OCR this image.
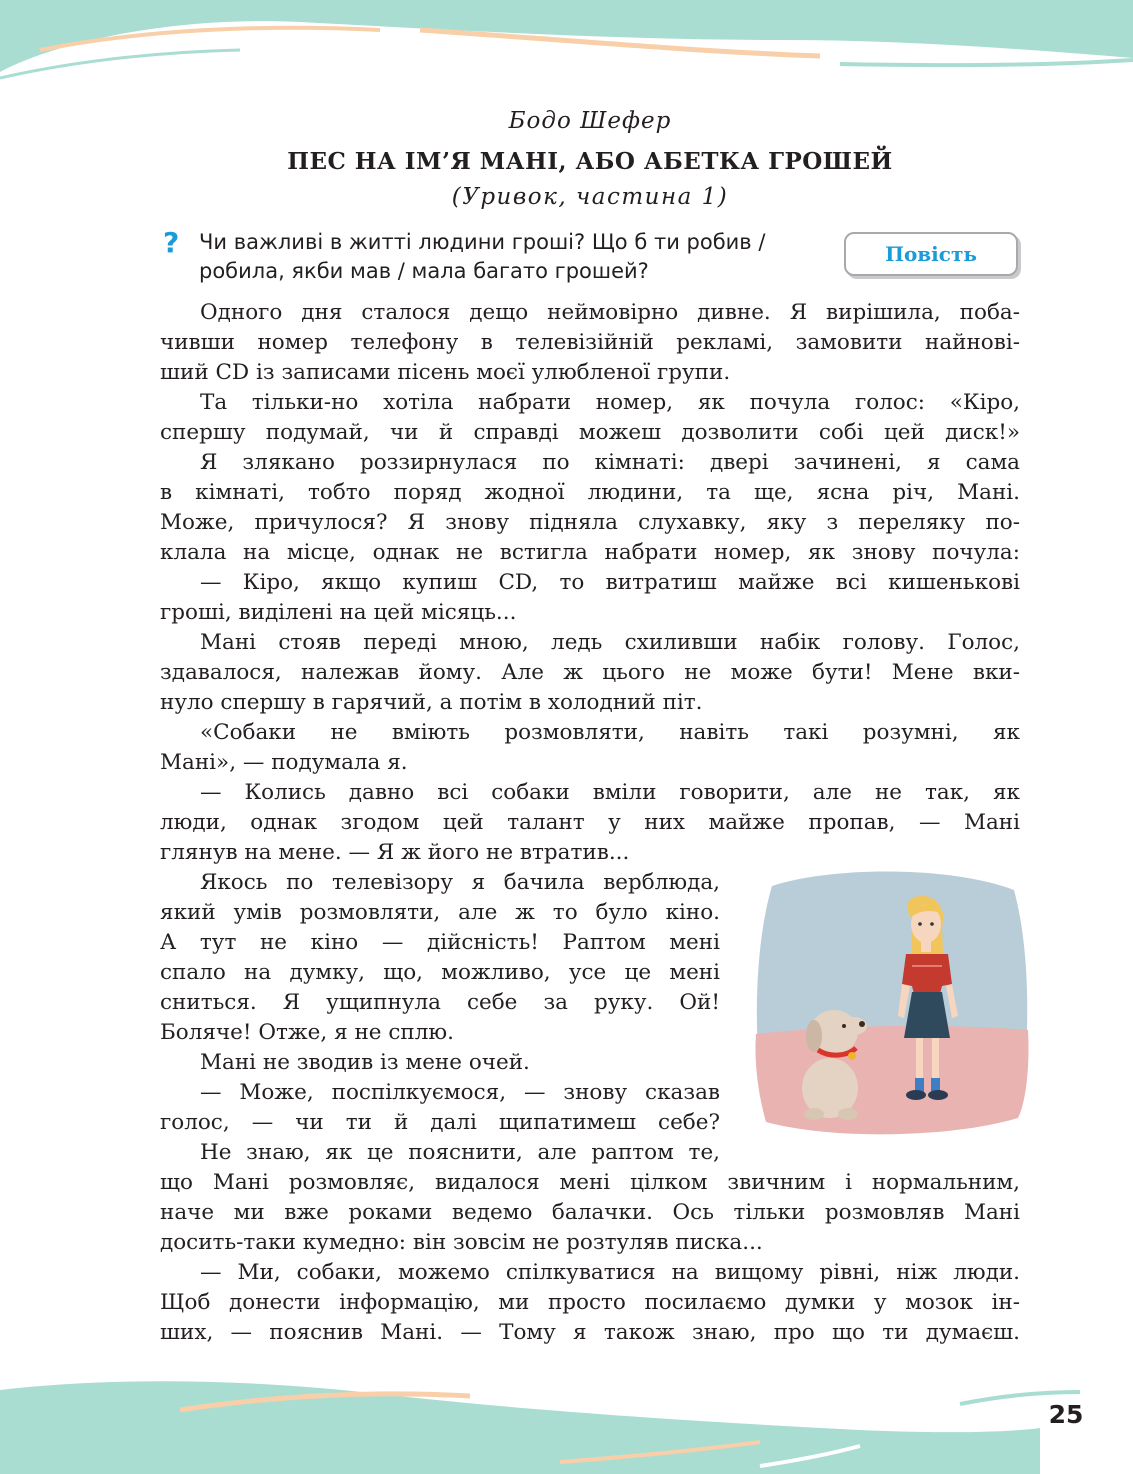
Бодо Шефер
ПЕС НА ІМ’Я МАНІ, АБО АБЕТКА ГРОШЕЙ
(Уривок, частина 1)
? Чи важливі в житті людини гроші? Що б ти робив /
робила, якби мав / мала багато грошей?
Повість

Одного дня сталося дещо неймовірно дивне. Я вирішила, поба-

чивши номер телефону в телевізійній рекламі, замовити найнові-

ший CD із записами пісень моєї улюбленої групи.

Та тільки-но хотіла набрати номер, як почула голос: «Кіро,

спершу подумай, чи й справді можеш дозволити собі цей диск!»

Я злякано роззирнулася по кімнаті: двері зачинені, я сама

в кімнаті, тобто поряд жодної людини, та ще, ясна річ, Мані.

Може, причулося? Я знову підняла слухавку, яку з переляку по-

клала на місце, однак не встигла набрати номер, як знову почула:

— Кіро, якщо купиш CD, то витратиш майже всі кишенькові

гроші, виділені на цей місяць...

Мані стояв переді мною, ледь схиливши набік голову. Голос,

здавалося, належав йому. Але ж цього не може бути! Мене вки-

нуло спершу в гарячий, а потім в холодний піт.

«Собаки не вміють розмовляти, навіть такі розумні, як

Мані», — подумала я.

— Колись давно всі собаки вміли говорити, але не так, як

люди, однак згодом цей талант у них майже пропав, — Мані

глянув на мене. — Я ж його не втратив...

Якось по телевізору я бачила верблюда,

який умів розмовляти, але ж то було кіно.

А тут не кіно — дійсність! Раптом мені

спало на думку, що, можливо, усе це мені

сниться. Я ущипнула себе за руку. Ой!

Боляче! Отже, я не сплю.

Мані не зводив із мене очей.

— Може, поспілкуємося, — знову сказав

голос, — чи ти й далі щипатимеш себе?

Не знаю, як це пояснити, але раптом те,

що Мані розмовляє, видалося мені цілком звичним і нормальним,

наче ми вже роками ведемо балачки. Ось тільки розмовляв Мані

досить-таки кумедно: він зовсім не розтуляв писка...

— Ми, собаки, можемо спілкуватися на вищому рівні, ніж люди.

Щоб донести інформацію, ми просто посилаємо думки у мозок ін-

ших, — пояснив Мані. — Тому я також знаю, про що ти думаєш.

25
